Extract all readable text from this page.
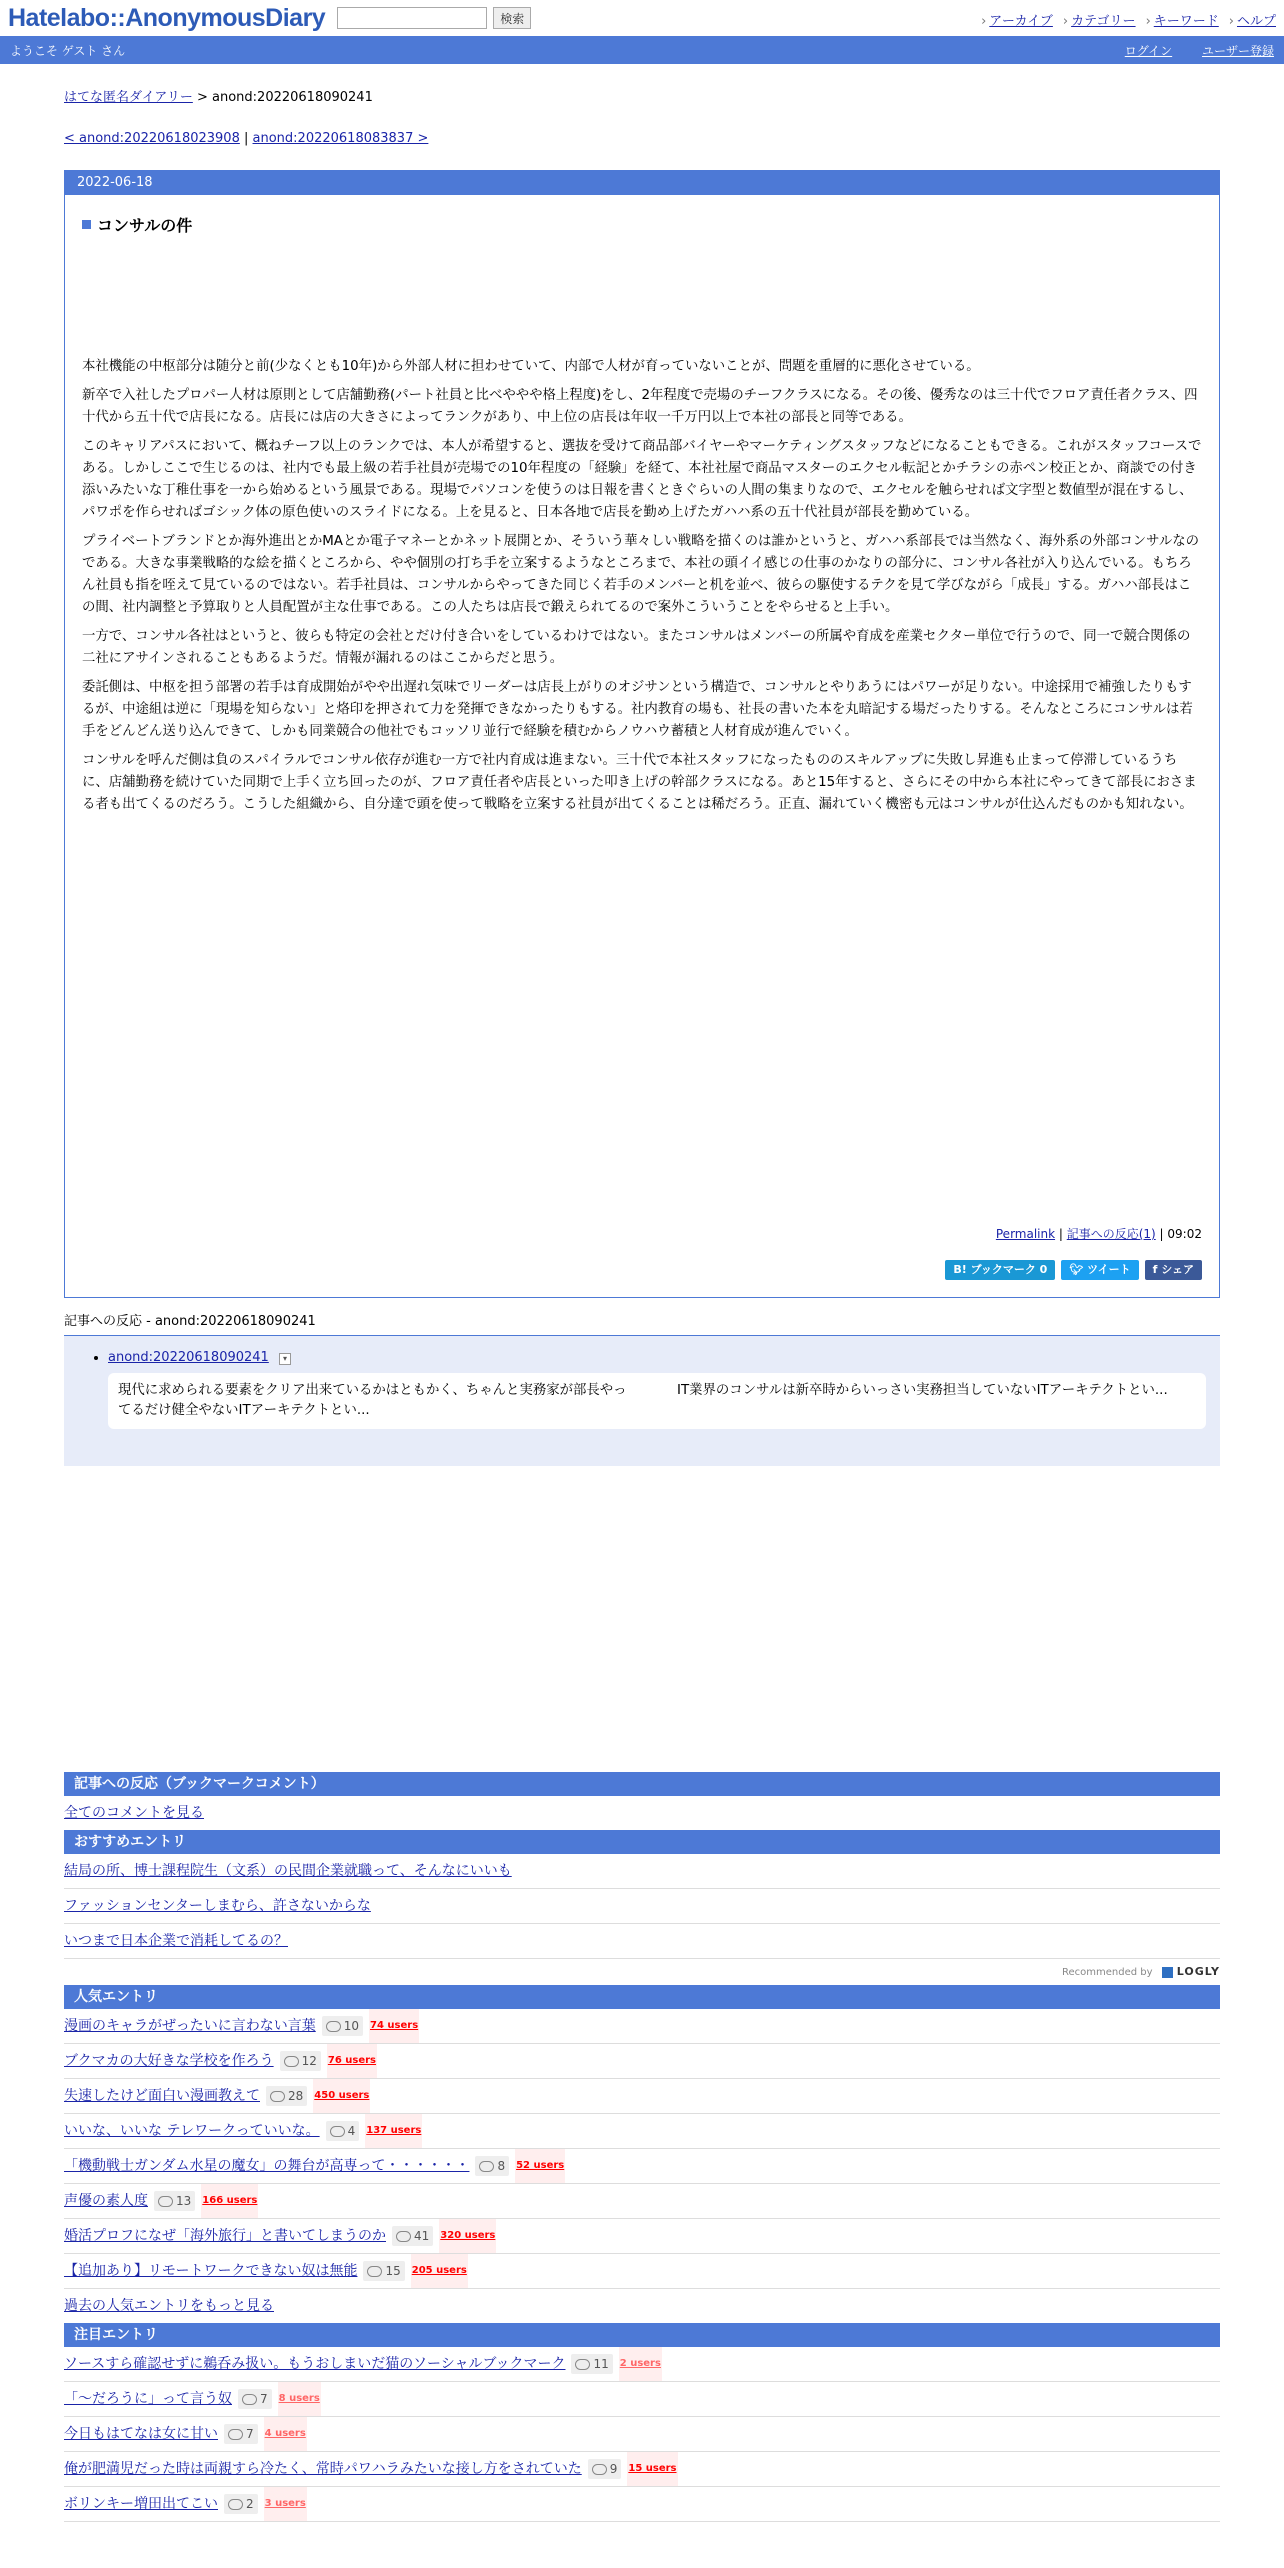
Hatelabo::AnonymousDiary	検索	› アーカイブ	› カテゴリー	› キーワード	› ヘルプ
ようこそ ゲスト さん	ログイン ユーザー登録
はてな匿名ダイアリー > anond:20220618090241
< anond:20220618023908 | anond:20220618083837 >
2022-06-18
コンサルの件

本社機能の中枢部分は随分と前(少なくとも10年)から外部人材に担わせていて、内部で人材が育っていないことが、問題を重層的に悪化させている。

新卒で入社したプロパー人材は原則として店舗勤務(パート社員と比べややや格上程度)をし、2年程度で売場のチーフクラスになる。その後、優秀なのは三十代でフロア責任者クラス、四十代から五十代で店長になる。店長には店の大きさによってランクがあり、中上位の店長は年収一千万円以上で本社の部長と同等である。

このキャリアパスにおいて、概ねチーフ以上のランクでは、本人が希望すると、選抜を受けて商品部バイヤーやマーケティングスタッフなどになることもできる。これがスタッフコースである。しかしここで生じるのは、社内でも最上級の若手社員が売場での10年程度の「経験」を経て、本社社屋で商品マスターのエクセル転記とかチラシの赤ペン校正とか、商談での付き添いみたいな丁稚仕事を一から始めるという風景である。現場でパソコンを使うのは日報を書くときぐらいの人間の集まりなので、エクセルを触らせれば文字型と数値型が混在するし、パワポを作らせればゴシック体の原色使いのスライドになる。上を見ると、日本各地で店長を勤め上げたガハハ系の五十代社員が部長を勤めている。

プライベートブランドとか海外進出とかMAとか電子マネーとかネット展開とか、そういう華々しい戦略を描くのは誰かというと、ガハハ系部長では当然なく、海外系の外部コンサルなのである。大きな事業戦略的な絵を描くところから、やや個別の打ち手を立案するようなところまで、本社の頭イイ感じの仕事のかなりの部分に、コンサル各社が入り込んでいる。もちろん社員も指を咥えて見ているのではない。若手社員は、コンサルからやってきた同じく若手のメンバーと机を並べ、彼らの駆使するテクを見て学びながら「成長」する。ガハハ部長はこの間、社内調整と予算取りと人員配置が主な仕事である。この人たちは店長で鍛えられてるので案外こういうことをやらせると上手い。

一方で、コンサル各社はというと、彼らも特定の会社とだけ付き合いをしているわけではない。またコンサルはメンバーの所属や育成を産業セクター単位で行うので、同一で競合関係の二社にアサインされることもあるようだ。情報が漏れるのはここからだと思う。

委託側は、中枢を担う部署の若手は育成開始がやや出遅れ気味でリーダーは店長上がりのオジサンという構造で、コンサルとやりあうにはパワーが足りない。中途採用で補強したりもするが、中途組は逆に「現場を知らない」と烙印を押されて力を発揮できなかったりもする。社内教育の場も、社長の書いた本を丸暗記する場だったりする。そんなところにコンサルは若手をどんどん送り込んできて、しかも同業競合の他社でもコッソリ並行で経験を積むからノウハウ蓄積と人材育成が進んでいく。

コンサルを呼んだ側は負のスパイラルでコンサル依存が進む一方で社内育成は進まない。三十代で本社スタッフになったもののスキルアップに失敗し昇進も止まって停滞しているうちに、店舗勤務を続けていた同期で上手く立ち回ったのが、フロア責任者や店長といった叩き上げの幹部クラスになる。あと15年すると、さらにその中から本社にやってきて部長におさまる者も出てくるのだろう。こうした組織から、自分達で頭を使って戦略を立案する社員が出てくることは稀だろう。正直、漏れていく機密も元はコンサルが仕込んだものかも知れない。

Permalink | 記事への反応(1) | 09:02
B! ブックマーク 0	🐦︎ ツイート	f シェア
記事への反応 - anond:20220618090241
• anond:20220618090241 ▾
現代に求められる要素をクリア出来ているかはともかく、ちゃんと実務家が部長やってるだけ健全やないITアーキテクトとい...
IT業界のコンサルは新卒時からいっさい実務担当していないITアーキテクトとい...
記事への反応（ブックマークコメント）
全てのコメントを見る
おすすめエントリ
結局の所、博士課程院生（文系）の民間企業就職って、そんなにいいも
ファッションセンターしまむら、許さないからな
いつまで日本企業で消耗してるの？
Recommended by LOGLY
人気エントリ
漫画のキャラがぜったいに言わない言葉 10 74 users
ブクマカの大好きな学校を作ろう 12 76 users
失速したけど面白い漫画教えて 28 450 users
いいな、いいな テレワークっていいな。 4 137 users
「機動戦士ガンダム水星の魔女」の舞台が高専って・・・・・・ 8 52 users
声優の素人度 13 166 users
婚活プロフになぜ「海外旅行」と書いてしまうのか 41 320 users
【追加あり】リモートワークできない奴は無能 15 205 users
過去の人気エントリをもっと見る
注目エントリ
ソースすら確認せずに鵜呑み扱い。もうおしまいだ猫のソーシャルブックマーク 11 2 users
「〜だろうに」って言う奴 7 8 users
今日もはてなは女に甘い 7 4 users
俺が肥満児だった時は両親すら冷たく、常時パワハラみたいな接し方をされていた 9 15 users
ボリンキー増田出てこい 2 3 users
